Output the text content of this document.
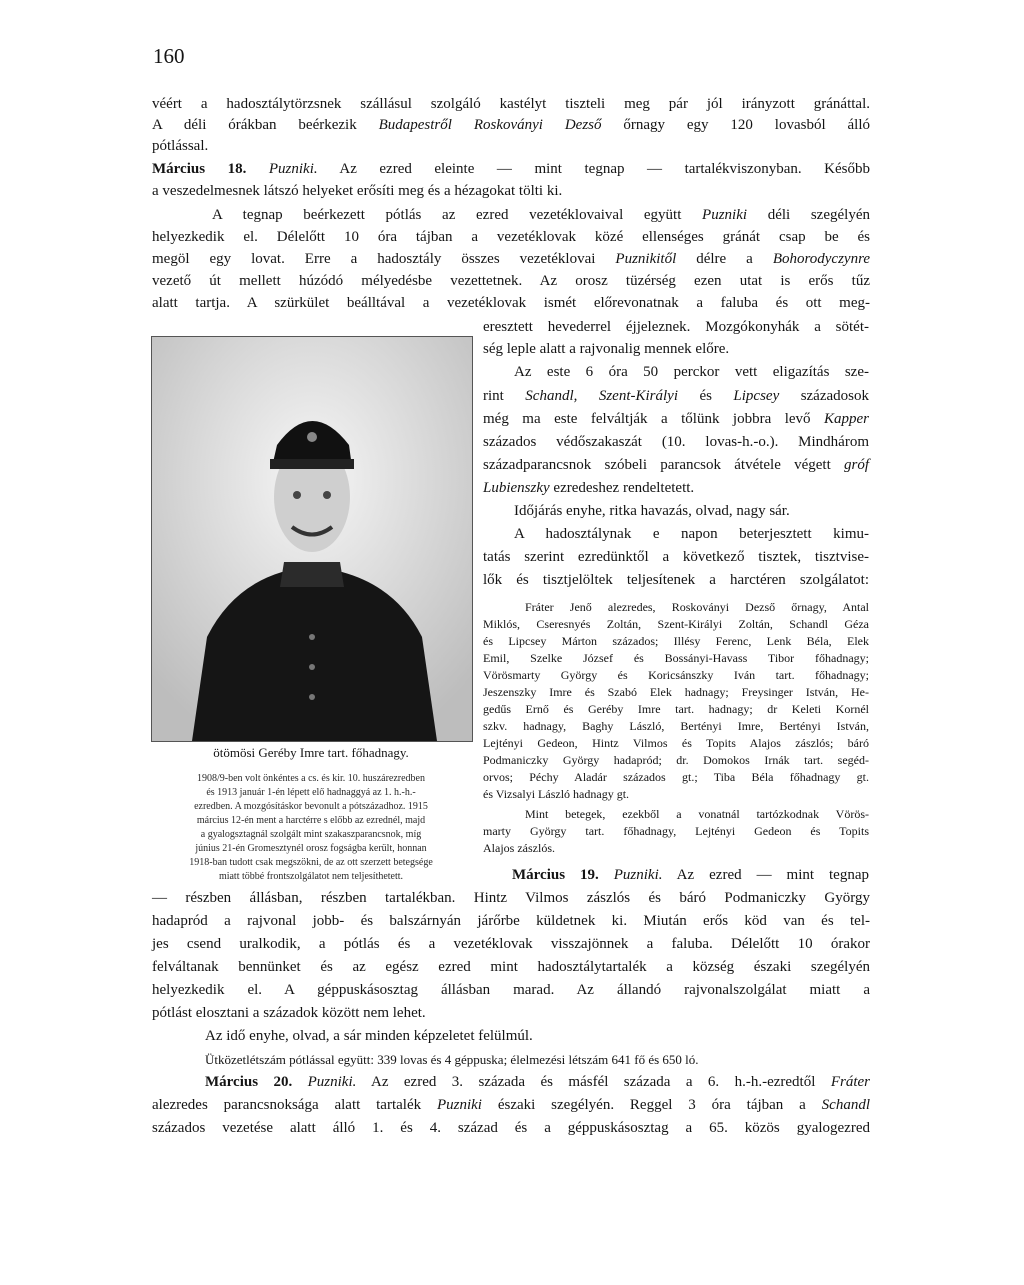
160
véért a hadosztálytörzsnek szállásul szolgáló kastélyt tiszteli meg pár jól irányzott gránáttal.
A déli órákban beérkezik Budapestről Roskoványi Dezső őrnagy egy 120 lovasból álló
pótlással.
Március 18. Puzniki. Az ezred eleinte — mint tegnap — tartalékviszonyban. Később
a veszedelmesnek látszó helyeket erősíti meg és a hézagokat tölti ki.
A tegnap beérkezett pótlás az ezred vezetéklovaival együtt Puzniki déli szegélyén
helyezkedik el. Délelőtt 10 óra tájban a vezetéklovak közé ellenséges gránát csap be és
megöl egy lovat. Erre a hadosztály összes vezetéklovai Puznikitől délre a Bohorodyczynre
vezető út mellett húzódó mélyedésbe vezettetnek. Az orosz tüzérség ezen utat is erős tűz
alatt tartja. A szürkület beálltával a vezetéklovak ismét előrevonatnak a faluba és ott meg-
ötömösi Geréby Imre tart. főhadnagy.
1908/9-ben volt önkéntes a cs. és kir. 10. huszárezredben
és 1913 január 1-én lépett elő hadnaggyá az 1. h.-h.-
ezredben. A mozgósításkor bevonult a pótszázadhoz. 1915
március 12-én ment a harctérre s előbb az ezrednél, majd
a gyalogsztagnál szolgált mint szakaszparancsnok, míg
június 21-én Gromesztynél orosz fogságba került, honnan
1918-ban tudott csak megszökni, de az ott szerzett betegsége
miatt többé frontszolgálatot nem teljesíthetett.
eresztett hevederrel éjjeleznek. Mozgókonyhák a sötét-
ség leple alatt a rajvonalig mennek előre.
Az este 6 óra 50 perckor vett eligazítás sze-
rint Schandl, Szent-Királyi és Lipcsey századosok
még ma este felváltják a tőlünk jobbra levő Kapper
százados védőszakaszát (10. lovas-h.-o.). Mindhárom
századparancsnok szóbeli parancsok átvétele végett gróf
Lubienszky ezredeshez rendeltetett.
Időjárás enyhe, ritka havazás, olvad, nagy sár.
A hadosztálynak e napon beterjesztett kimu-
tatás szerint ezredünktől a következő tisztek, tisztvise-
lők és tisztjelöltek teljesítenek a harctéren szolgálatot:
Fráter Jenő alezredes, Roskoványi Dezső őrnagy, Antal
Miklós, Cseresnyés Zoltán, Szent-Királyi Zoltán, Schandl Géza
és Lipcsey Márton százados; Illésy Ferenc, Lenk Béla, Elek
Emil, Szelke József és Bossányi-Havass Tibor főhadnagy;
Vörösmarty György és Koricsánszky Iván tart. főhadnagy;
Jeszenszky Imre és Szabó Elek hadnagy; Freysinger István, He-
gedűs Ernő és Geréby Imre tart. hadnagy; dr Keleti Kornél
szkv. hadnagy, Baghy László, Bertényi Imre, Bertényi István,
Lejtényi Gedeon, Hintz Vilmos és Topits Alajos zászlós; báró
Podmaniczky György hadapród; dr. Domokos Irnák tart. segéd-
orvos; Péchy Aladár százados gt.; Tiba Béla főhadnagy gt.
és Vizsalyi László hadnagy gt.
Mint betegek, ezekből a vonatnál tartózkodnak Vörös-
marty György tart. főhadnagy, Lejtényi Gedeon és Topits
Alajos zászlós.
Március 19. Puzniki. Az ezred — mint tegnap
— részben állásban, részben tartalékban. Hintz Vilmos zászlós és báró Podmaniczky György
hadapród a rajvonal jobb- és balszárnyán járőrbe küldetnek ki. Miután erős köd van és tel-
jes csend uralkodik, a pótlás és a vezetéklovak visszajönnek a faluba. Délelőtt 10 órakor
felváltanak bennünket és az egész ezred mint hadosztálytartalék a község északi szegélyén
helyezkedik el. A géppuskásosztag állásban marad. Az állandó rajvonalszolgálat miatt a
pótlást elosztani a századok között nem lehet.
Az idő enyhe, olvad, a sár minden képzeletet felülmúl.
Ütközetlétszám pótlással együtt: 339 lovas és 4 géppuska; élelmezési létszám 641 fő és 650 ló.
Március 20. Puzniki. Az ezred 3. százada és másfél százada a 6. h.-h.-ezredtől Fráter
alezredes parancsnoksága alatt tartalék Puzniki északi szegélyén. Reggel 3 óra tájban a Schandl
százados vezetése alatt álló 1. és 4. század és a géppuskásosztag a 65. közös gyalogezred
